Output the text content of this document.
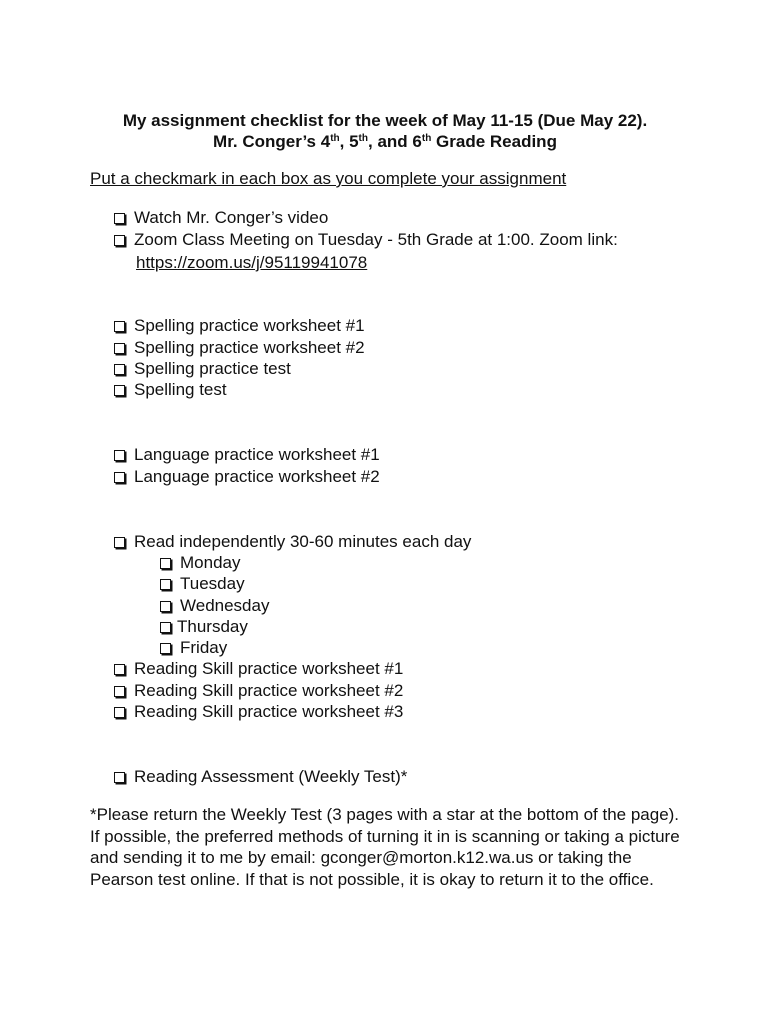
My assignment checklist for the week of May 11-15 (Due May 22).
Mr. Conger’s 4th, 5th, and 6th Grade Reading
Put a checkmark in each box as you complete your assignment
Watch Mr. Conger’s video
Zoom Class Meeting on Tuesday - 5th Grade at 1:00. Zoom link:
https://zoom.us/j/95119941078
Spelling practice worksheet #1
Spelling practice worksheet #2
Spelling practice test
Spelling test
Language practice worksheet #1
Language practice worksheet #2
Read independently 30-60 minutes each day
Monday
Tuesday
Wednesday
Thursday
Friday
Reading Skill practice worksheet #1
Reading Skill practice worksheet #2
Reading Skill practice worksheet #3
Reading Assessment (Weekly Test)*
*Please return the Weekly Test (3 pages with a star at the bottom of the page). If possible, the preferred methods of turning it in is scanning or taking a picture and sending it to me by email: gconger@morton.k12.wa.us or taking the Pearson test online. If that is not possible, it is okay to return it to the office.
